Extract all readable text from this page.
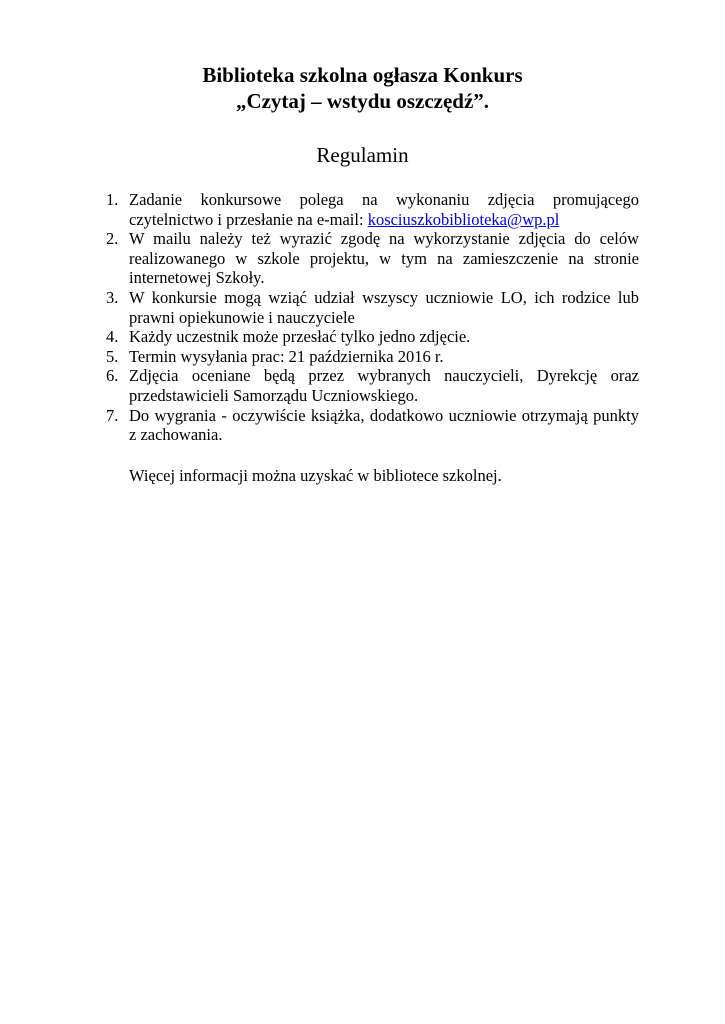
Biblioteka szkolna ogłasza Konkurs
„Czytaj – wstydu oszczędź”.
Regulamin
1. Zadanie konkursowe polega na wykonaniu zdjęcia promującego czytelnictwo i przesłanie na e-mail: kosciuszkobiblioteka@wp.pl
2. W mailu należy też wyrazić zgodę na wykorzystanie zdjęcia do celów realizowanego w szkole projektu, w tym na zamieszczenie na stronie internetowej Szkoły.
3. W konkursie mogą wziąć udział wszyscy uczniowie LO, ich rodzice lub prawni opiekunowie i nauczyciele
4. Każdy uczestnik może przesłać tylko jedno zdjęcie.
5. Termin wysyłania prac: 21 października 2016 r.
6. Zdjęcia oceniane będą przez wybranych nauczycieli, Dyrekcję oraz przedstawicieli Samorządu Uczniowskiego.
7. Do wygrania - oczywiście książka, dodatkowo uczniowie otrzymają punkty z zachowania.
Więcej informacji można uzyskać w bibliotece szkolnej.
